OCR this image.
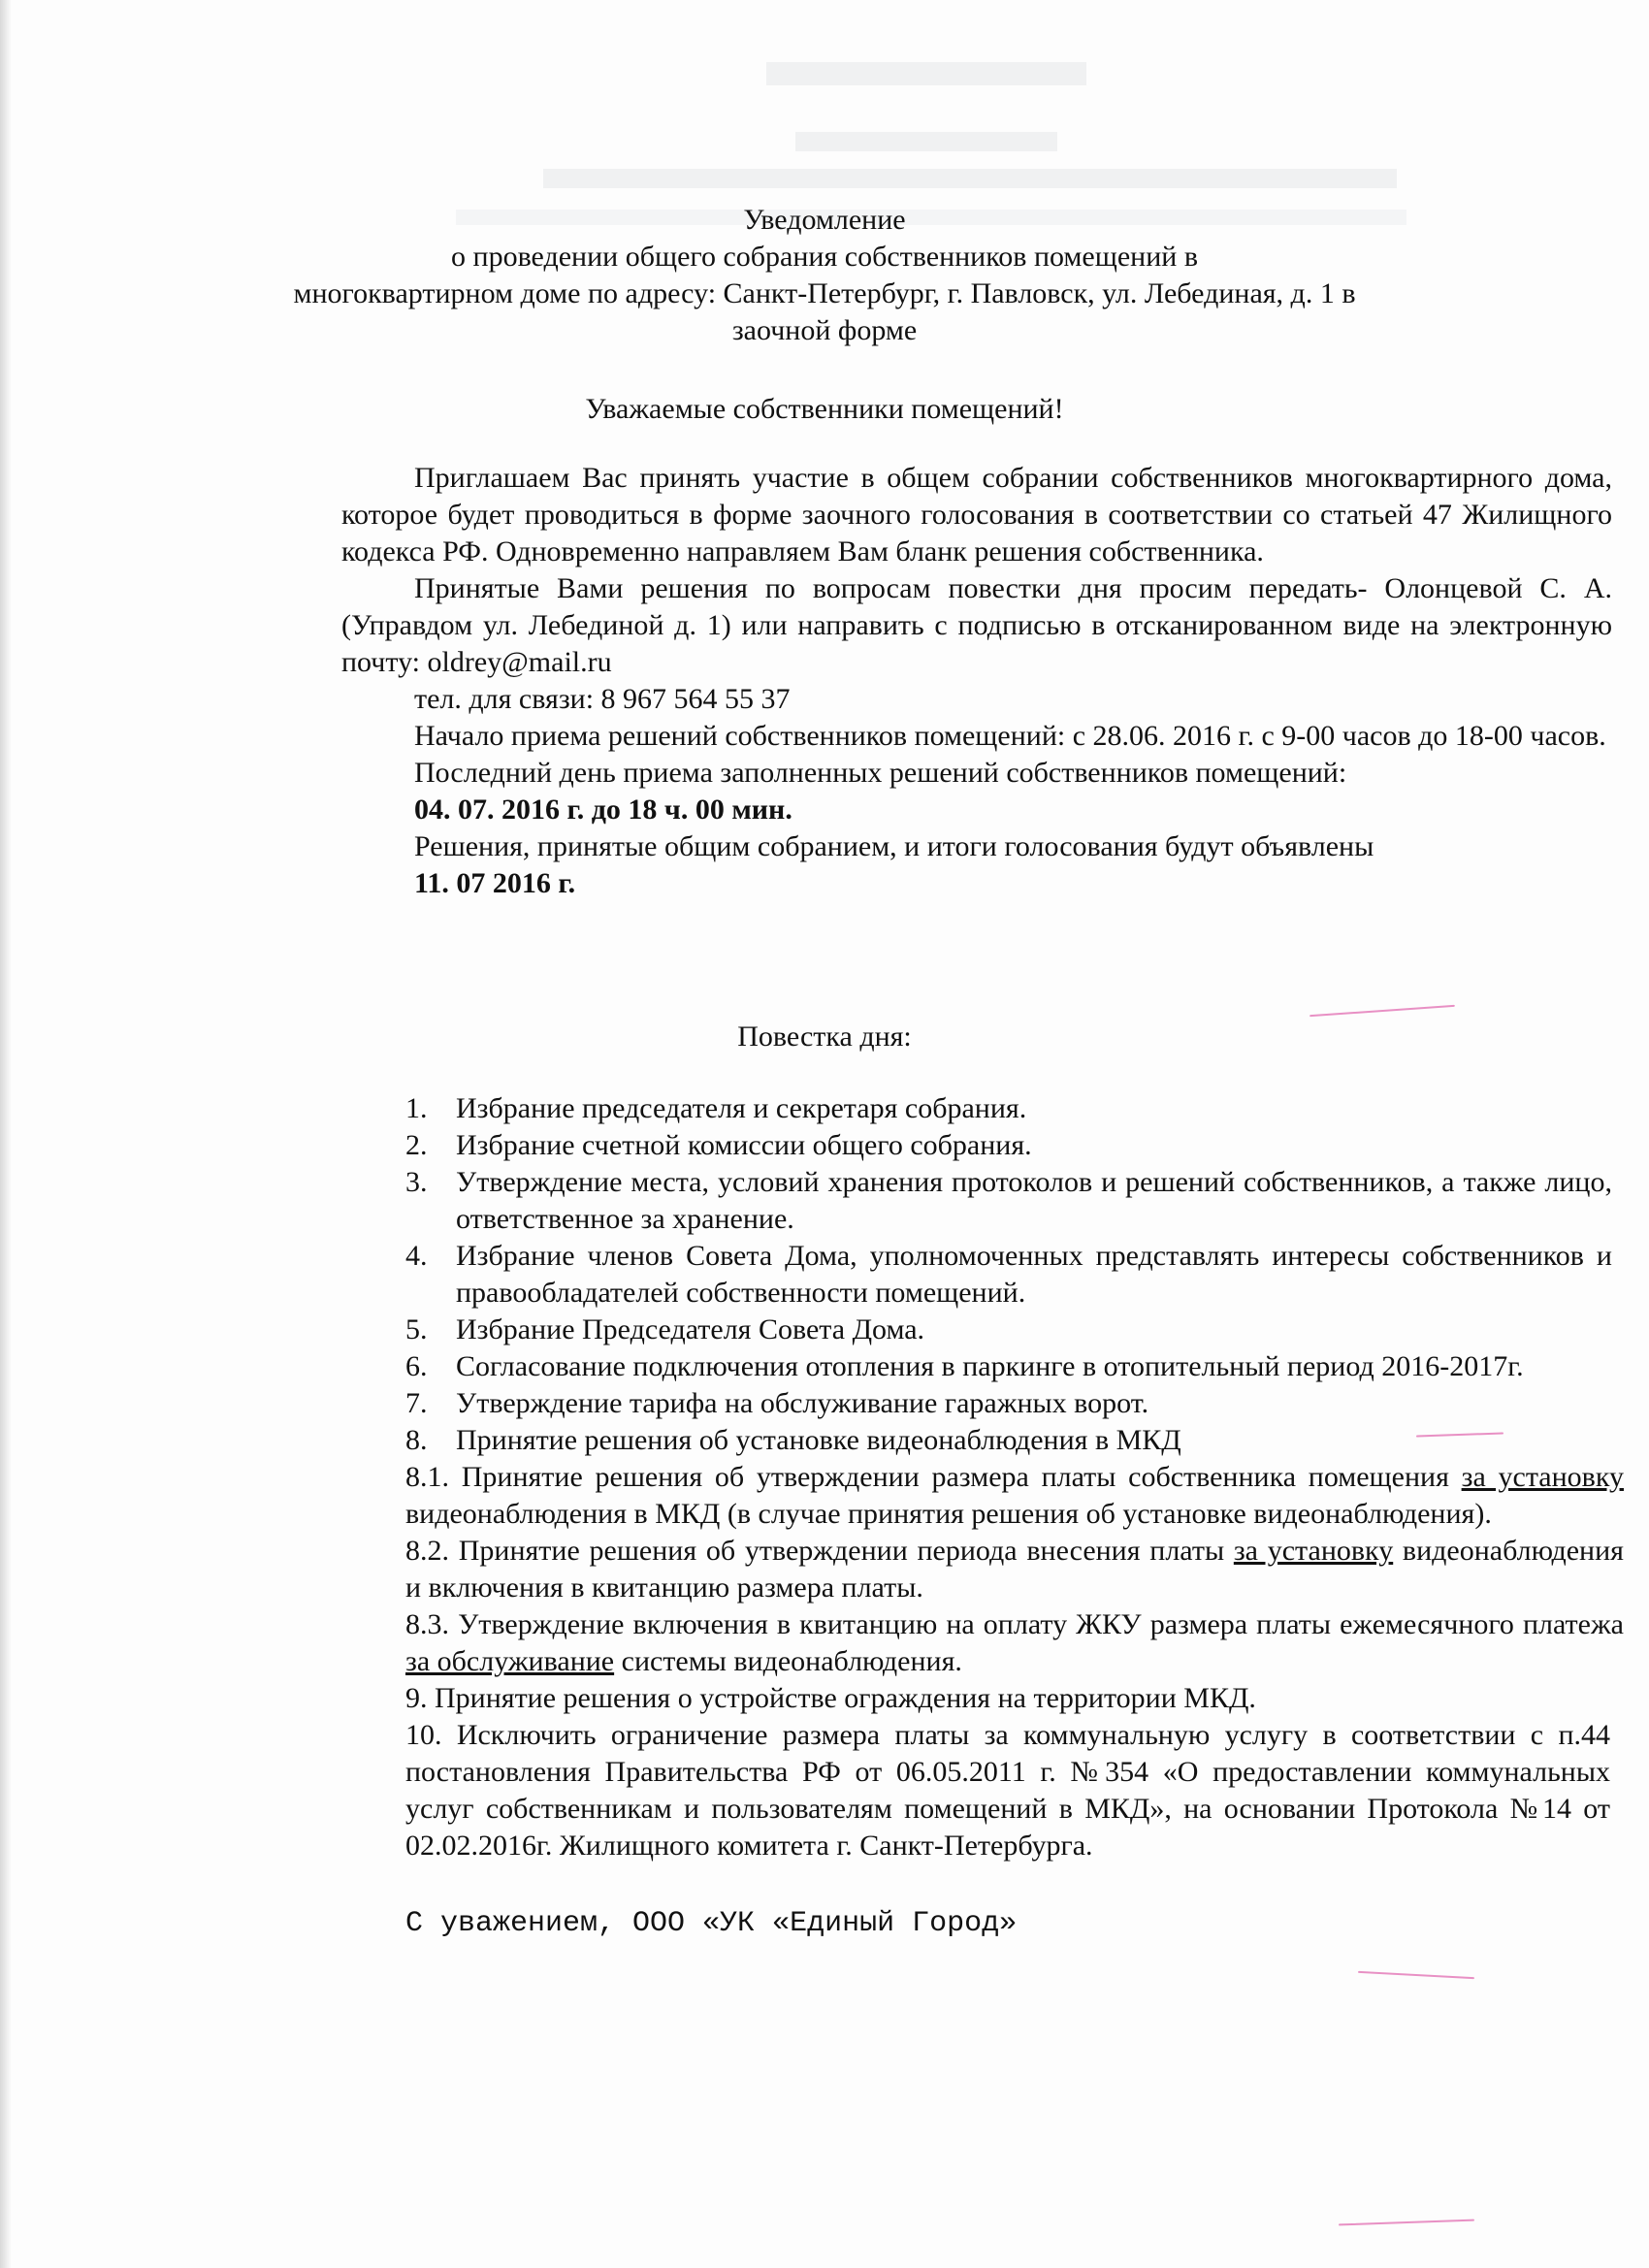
Уведомление
о проведении общего собрания собственников помещений в
многоквартирном доме по адресу: Санкт-Петербург, г. Павловск, ул. Лебединая, д. 1 в
заочной форме
Уважаемые собственники помещений!

Приглашаем Вас принять участие в общем собрании собственников многоквартирного дома, которое будет проводиться в форме заочного голосования в соответствии со статьей 47 Жилищного кодекса РФ. Одновременно направляем Вам бланк решения собственника.

Принятые Вами решения по вопросам повестки дня просим передать- Олонцевой С. А. (Управдом ул. Лебединой д. 1) или направить с подписью в отсканированном виде на электронную почту: oldrey@mail.ru

тел. для связи: 8 967 564 55 37

Начало приема решений собственников помещений: с 28.06. 2016 г. с 9-00 часов до 18-00 часов.

Последний день приема заполненных решений собственников помещений:

04. 07. 2016 г. до 18 ч. 00 мин.

Решения, принятые общим собранием, и итоги голосования будут объявлены

11. 07 2016 г.

Повестка дня:
1. Избрание председателя и секретаря собрания.
2. Избрание счетной комиссии общего собрания.
3. Утверждение места, условий хранения протоколов и решений собственников, а также лицо, ответственное за хранение.
4. Избрание членов Совета Дома, уполномоченных представлять интересы собственников и правообладателей собственности помещений.
5. Избрание Председателя Совета Дома.
6. Согласование подключения отопления в паркинге в отопительный период 2016-2017г.
7. Утверждение тарифа на обслуживание гаражных ворот.
8. Принятие решения об установке видеонаблюдения в МКД

8.1. Принятие решения об утверждении размера платы собственника помещения за установку видеонаблюдения в МКД (в случае принятия решения об установке видеонаблюдения).

8.2. Принятие решения об утверждении периода внесения платы за установку видеонаблюдения и включения в квитанцию размера платы.

8.3. Утверждение включения в квитанцию на оплату ЖКУ размера платы ежемесячного платежа за обслуживание системы видеонаблюдения.

9. Принятие решения о устройстве ограждения на территории МКД.

10. Исключить ограничение размера платы за коммунальную услугу в соответствии с п.44 постановления Правительства РФ от 06.05.2011 г. №354 «О предоставлении коммунальных услуг собственникам и пользователям помещений в МКД», на основании Протокола №14 от 02.02.2016г. Жилищного комитета г. Санкт-Петербурга.

С уважением, ООО «УК «Единый Город»
